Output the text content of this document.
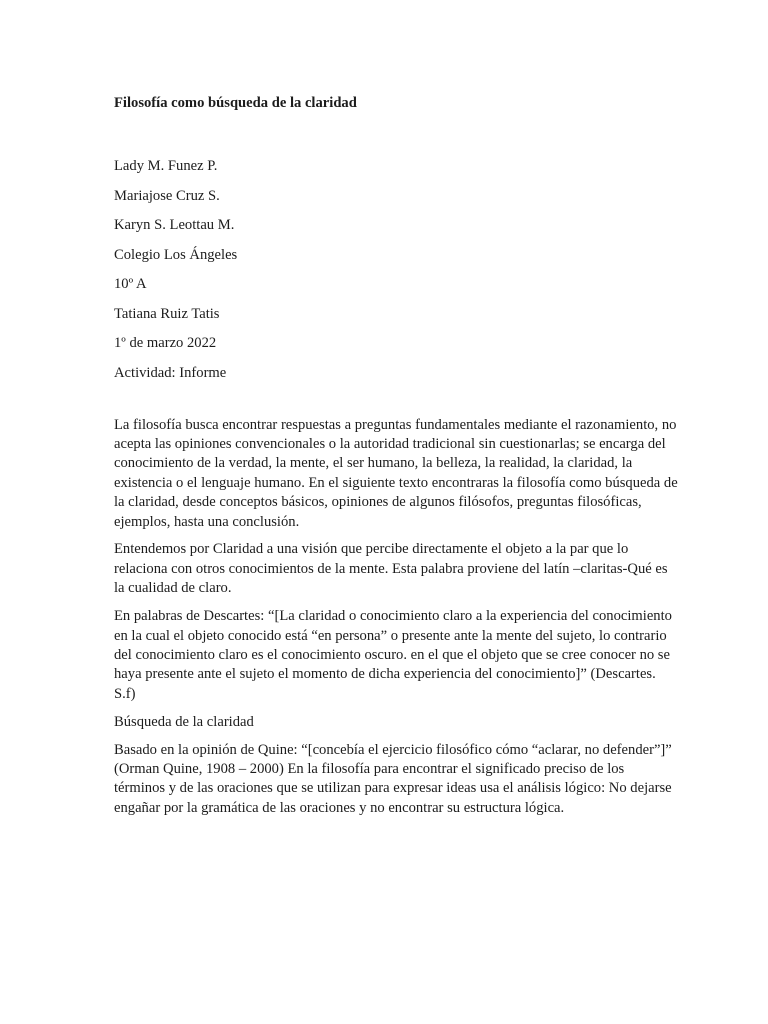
Filosofía como búsqueda de la claridad

Lady M. Funez P.

Mariajose Cruz S.

Karyn S. Leottau M.

Colegio Los Ángeles

10º A

Tatiana Ruiz Tatis

1º de marzo 2022

Actividad: Informe

La filosofía busca encontrar respuestas a preguntas fundamentales mediante el razonamiento, no acepta las opiniones convencionales o la autoridad tradicional sin cuestionarlas; se encarga del conocimiento de la verdad, la mente, el ser humano, la belleza, la realidad, la claridad, la existencia o el lenguaje humano. En el siguiente texto encontraras la filosofía como búsqueda de la claridad, desde conceptos básicos, opiniones de algunos filósofos, preguntas filosóficas, ejemplos, hasta una conclusión.

Entendemos por Claridad a una visión que percibe directamente el objeto a la par que lo relaciona con otros conocimientos de la mente. Esta palabra proviene del latín –claritas-Qué es la cualidad de claro.

En palabras de Descartes: “[La claridad o conocimiento claro a la experiencia del conocimiento en la cual el objeto conocido está “en persona” o presente ante la mente del sujeto, lo contrario del conocimiento claro es el conocimiento oscuro. en el que el objeto que se cree conocer no se haya presente ante el sujeto el momento de dicha experiencia del conocimiento]” (Descartes. S.f)

Búsqueda de la claridad

Basado en la opinión de Quine: “[concebía el ejercicio filosófico cómo “aclarar, no defender”]” (Orman Quine, 1908 – 2000) En la filosofía para encontrar el significado preciso de los términos y de las oraciones que se utilizan para expresar ideas usa el análisis lógico: No dejarse engañar por la gramática de las oraciones y no encontrar su estructura lógica.
